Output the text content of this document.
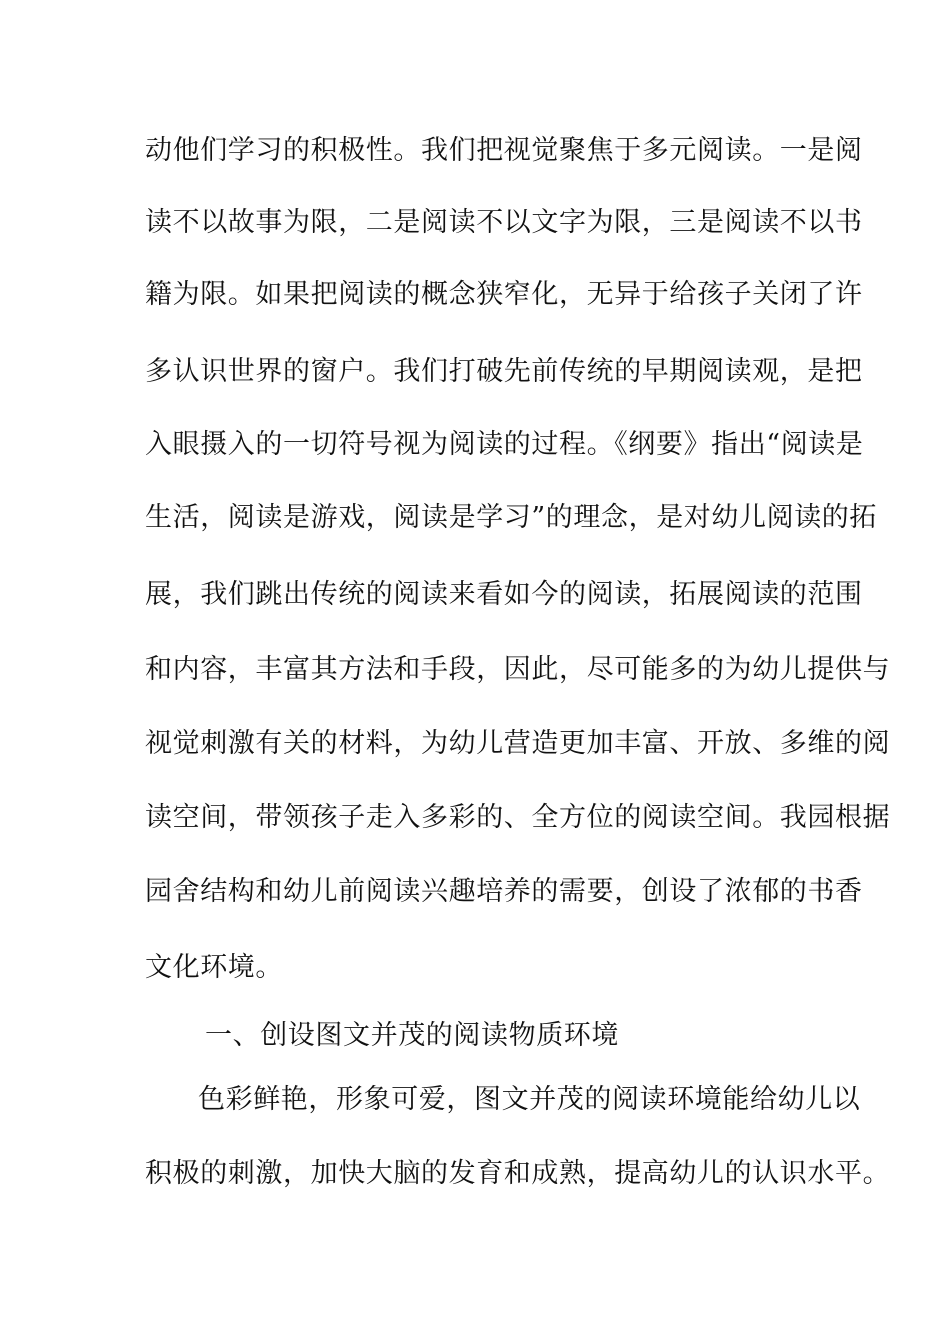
动他们学习的积极性。我们把视觉聚焦于多元阅读。一是阅
读不以故事为限，二是阅读不以文字为限，三是阅读不以书
籍为限。如果把阅读的概念狭窄化，无异于给孩子关闭了许
多认识世界的窗户。我们打破先前传统的早期阅读观，是把
入眼摄入的一切符号视为阅读的过程。《纲要》指出“阅读是
生活，阅读是游戏，阅读是学习”的理念，是对幼儿阅读的拓
展，我们跳出传统的阅读来看如今的阅读，拓展阅读的范围
和内容，丰富其方法和手段，因此，尽可能多的为幼儿提供与
视觉刺激有关的材料，为幼儿营造更加丰富、开放、多维的阅
读空间，带领孩子走入多彩的、全方位的阅读空间。我园根据
园舍结构和幼儿前阅读兴趣培养的需要，创设了浓郁的书香
文化环境。
一、创设图文并茂的阅读物质环境
色彩鲜艳，形象可爱，图文并茂的阅读环境能给幼儿以
积极的刺激，加快大脑的发育和成熟，提高幼儿的认识水平。
